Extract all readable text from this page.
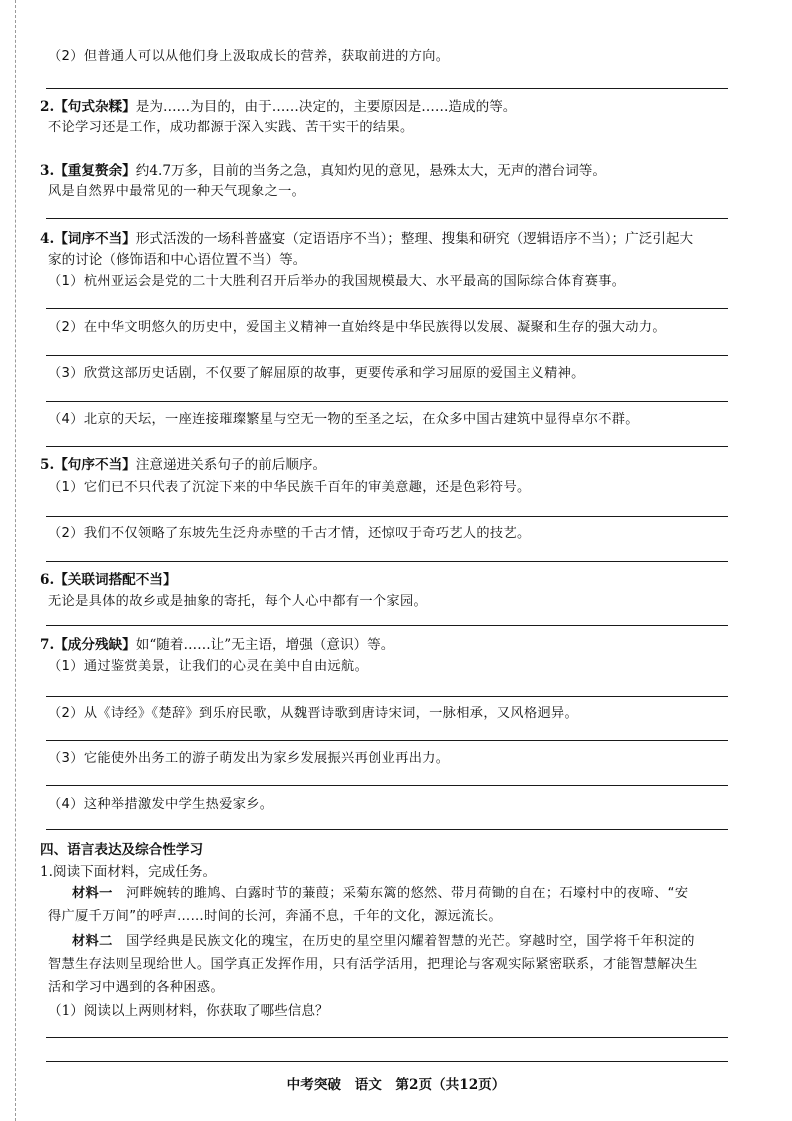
（2）但普通人可以从他们身上汲取成长的营养，获取前进的方向。
2.【句式杂糅】是为……为目的，由于……决定的，主要原因是……造成的等。
不论学习还是工作，成功都源于深入实践、苦干实干的结果。
3.【重复赘余】约4.7万多，目前的当务之急，真知灼见的意见，悬殊太大，无声的潜台词等。
风是自然界中最常见的一种天气现象之一。
4.【词序不当】形式活泼的一场科普盛宴（定语语序不当）；整理、搜集和研究（逻辑语序不当）；广泛引起大
家的讨论（修饰语和中心语位置不当）等。
（1）杭州亚运会是党的二十大胜利召开后举办的我国规模最大、水平最高的国际综合体育赛事。
（2）在中华文明悠久的历史中，爱国主义精神一直始终是中华民族得以发展、凝聚和生存的强大动力。
（3）欣赏这部历史话剧，不仅要了解屈原的故事，更要传承和学习屈原的爱国主义精神。
（4）北京的天坛，一座连接璀璨繁星与空无一物的至圣之坛，在众多中国古建筑中显得卓尔不群。
5.【句序不当】注意递进关系句子的前后顺序。
（1）它们已不只代表了沉淀下来的中华民族千百年的审美意趣，还是色彩符号。
（2）我们不仅领略了东坡先生泛舟赤壁的千古才情，还惊叹于奇巧艺人的技艺。
6.【关联词搭配不当】
无论是具体的故乡或是抽象的寄托，每个人心中都有一个家园。
7.【成分残缺】如“随着……让”无主语，增强（意识）等。
（1）通过鉴赏美景，让我们的心灵在美中自由远航。
（2）从《诗经》《楚辞》到乐府民歌，从魏晋诗歌到唐诗宋词，一脉相承，又风格迥异。
（3）它能使外出务工的游子萌发出为家乡发展振兴再创业再出力。
（4）这种举措激发中学生热爱家乡。
四、语言表达及综合性学习
1.阅读下面材料，完成任务。
材料一　河畔婉转的雎鸠、白露时节的蒹葭；采菊东篱的悠然、带月荷锄的自在；石壕村中的夜啼、“安
得广厦千万间”的呼声……时间的长河，奔涌不息，千年的文化，源远流长。
材料二　国学经典是民族文化的瑰宝，在历史的星空里闪耀着智慧的光芒。穿越时空，国学将千年积淀的
智慧生存法则呈现给世人。国学真正发挥作用，只有活学活用，把理论与客观实际紧密联系，才能智慧解决生
活和学习中遇到的各种困惑。
（1）阅读以上两则材料，你获取了哪些信息？
中考突破　语文　第2页（共12页）
